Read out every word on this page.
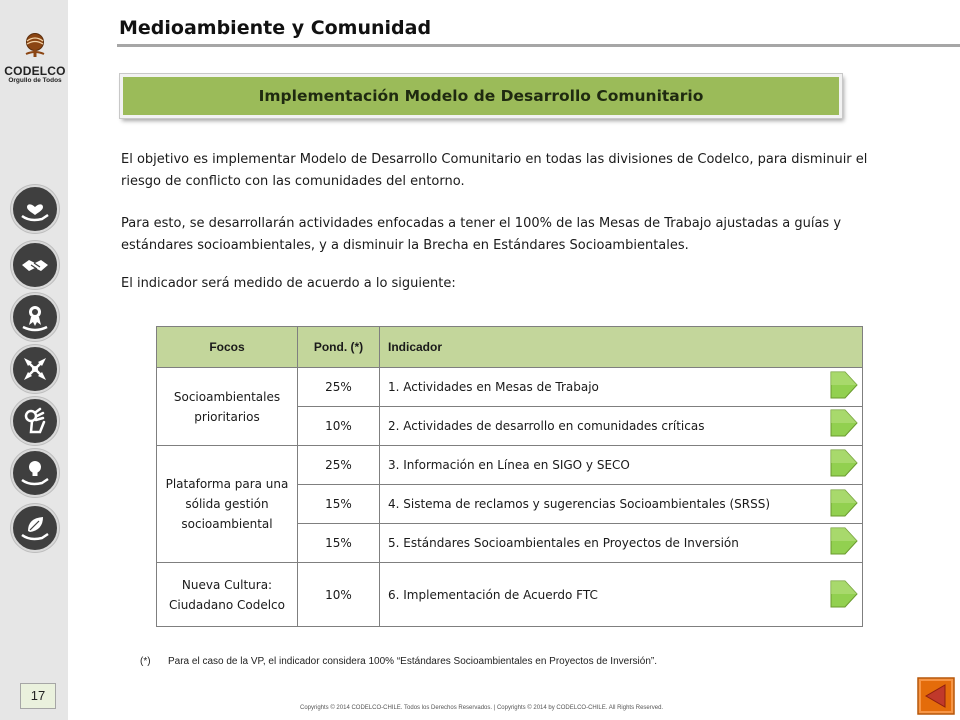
CODELCO
Orgullo de Todos
17
Medioambiente y Comunidad
Implementación Modelo de Desarrollo Comunitario

El objetivo es implementar Modelo de Desarrollo Comunitario en todas las divisiones de Codelco, para disminuir el riesgo de conflicto con las comunidades del entorno.

Para esto, se desarrollarán actividades enfocadas a tener el 100% de las Mesas de Trabajo ajustadas a guías y estándares socioambientales, y a disminuir la Brecha en Estándares Socioambientales.

El indicador será medido de acuerdo a lo siguiente:

Focos	Pond. (*)	Indicador
Socioambientales prioritarios	25%	1. Actividades en Mesas de Trabajo
	10%	2. Actividades de desarrollo en comunidades críticas
Plataforma para una sólida gestión socioambiental	25%	3. Información en Línea en SIGO y SECO
	15%	4. Sistema de reclamos y sugerencias Socioambientales (SRSS)
	15%	5. Estándares Socioambientales en Proyectos de Inversión
Nueva Cultura: Ciudadano Codelco	10%	6. Implementación de Acuerdo FTC
(*) Para el caso de la VP, el indicador considera 100% “Estándares Socioambientales en Proyectos de Inversión”.
Copyrights © 2014 CODELCO-CHILE. Todos los Derechos Reservados. | Copyrights © 2014 by CODELCO-CHILE. All Rights Reserved.
